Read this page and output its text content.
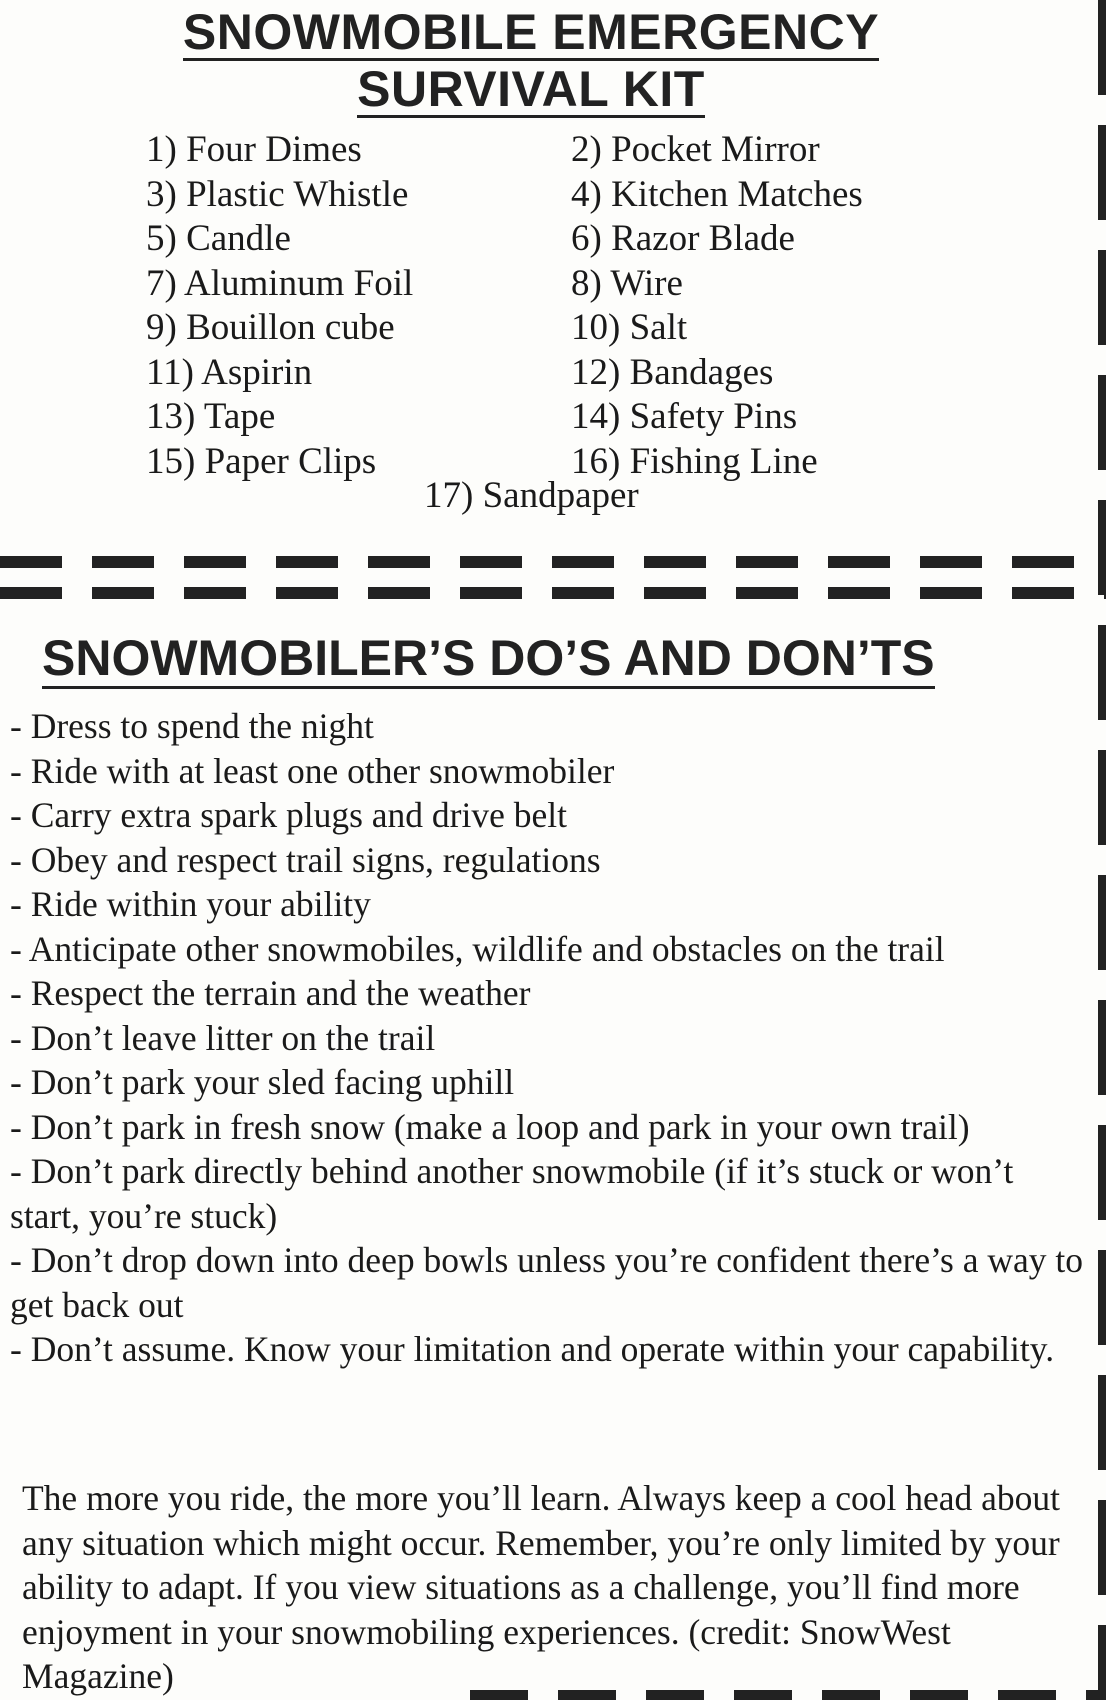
SNOWMOBILE EMERGENCY
SURVIVAL KIT
1) Four Dimes	2) Pocket Mirror
3) Plastic Whistle	4) Kitchen Matches
5) Candle	6) Razor Blade
7) Aluminum Foil	8) Wire
9) Bouillon cube	10) Salt
11) Aspirin	12) Bandages
13) Tape	14) Safety Pins
15) Paper Clips	16) Fishing Line
17) Sandpaper
SNOWMOBILER’S DO’S AND DON’TS

- Dress to spend the night

- Ride with at least one other snowmobiler

- Carry extra spark plugs and drive belt

- Obey and respect trail signs, regulations

- Ride within your ability

- Anticipate other snowmobiles, wildlife and obstacles on the trail

- Respect the terrain and the weather

- Don’t leave litter on the trail

- Don’t park your sled facing uphill

- Don’t park in fresh snow (make a loop and park in your own trail)

- Don’t park directly behind another snowmobile (if it’s stuck or won’t start, you’re stuck)

- Don’t drop down into deep bowls unless you’re confident there’s a way to get back out

- Don’t assume. Know your limitation and operate within your capability.

The more you ride, the more you’ll learn. Always keep a cool head about any situation which might occur. Remember, you’re only limited by your ability to adapt. If you view situations as a challenge, you’ll find more enjoyment in your snowmobiling experiences. (credit: SnowWest Magazine)
